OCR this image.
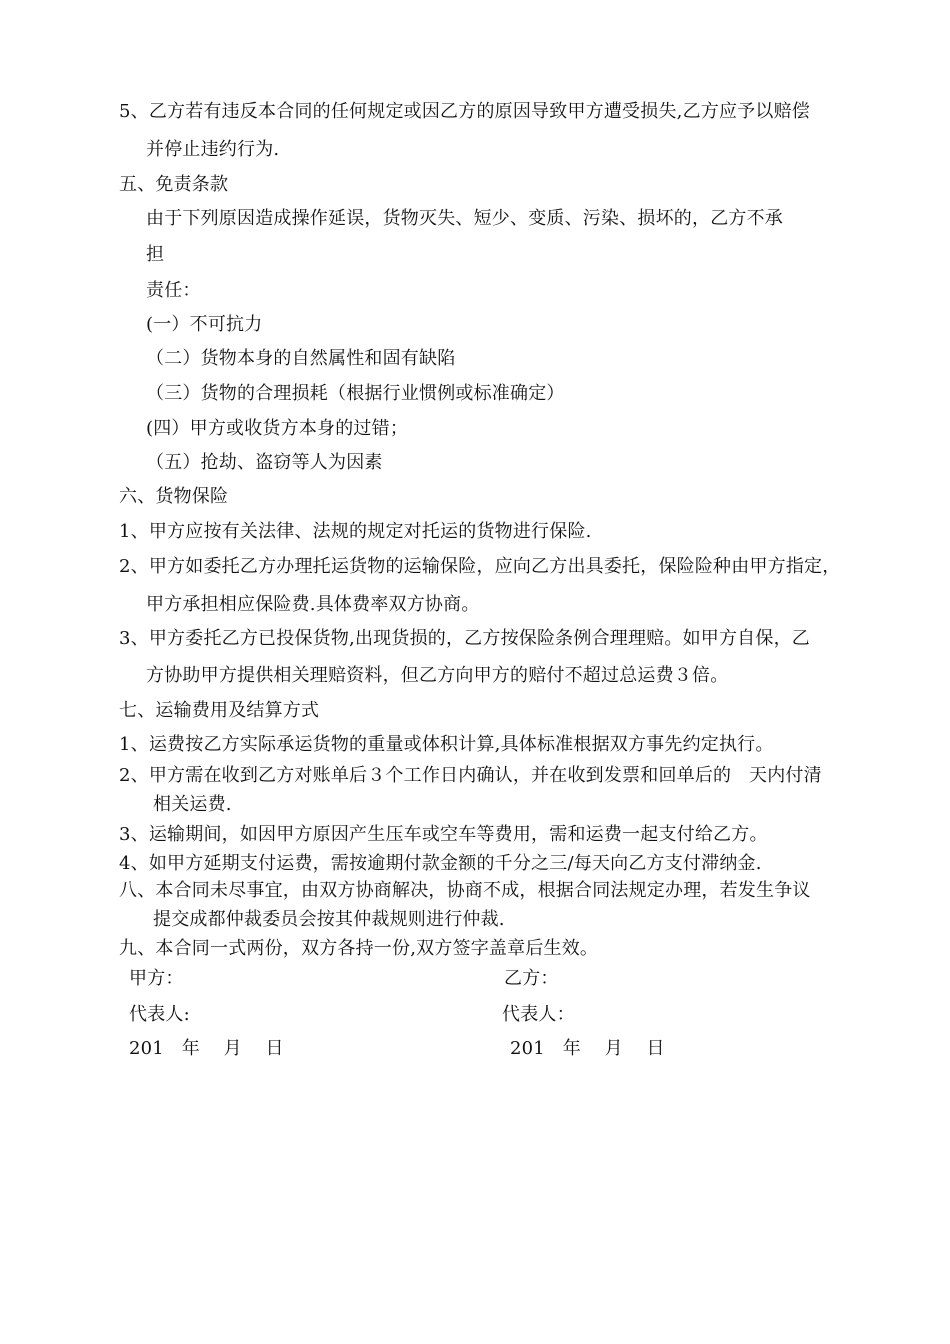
5、乙方若有违反本合同的任何规定或因乙方的原因导致甲方遭受损失,乙方应予以赔偿
并停止违约行为.
五、免责条款
由于下列原因造成操作延误，货物灭失、短少、变质、污染、损坏的，乙方不承
担
责任：
(一）不可抗力
（二）货物本身的自然属性和固有缺陷
（三）货物的合理损耗（根据行业惯例或标准确定）
(四）甲方或收货方本身的过错；
（五）抢劫、盗窃等人为因素
六、货物保险
1、甲方应按有关法律、法规的规定对托运的货物进行保险.
2、甲方如委托乙方办理托运货物的运输保险，应向乙方出具委托，保险险种由甲方指定，
甲方承担相应保险费.具体费率双方协商。
3、甲方委托乙方已投保货物,出现货损的，乙方按保险条例合理理赔。如甲方自保，乙
方协助甲方提供相关理赔资料，但乙方向甲方的赔付不超过总运费３倍。
七、运输费用及结算方式
1、运费按乙方实际承运货物的重量或体积计算,具体标准根据双方事先约定执行。
2、甲方需在收到乙方对账单后３个工作日内确认，并在收到发票和回单后的   天内付清
相关运费.
3、运输期间，如因甲方原因产生压车或空车等费用，需和运费一起支付给乙方。
4、如甲方延期支付运费，需按逾期付款金额的千分之三/每天向乙方支付滞纳金.
八、本合同未尽事宜，由双方协商解决，协商不成，根据合同法规定办理，若发生争议
提交成都仲裁委员会按其仲裁规则进行仲裁.
九、本合同一式两份，双方各持一份,双方签字盖章后生效。
甲方：	乙方：
代表人:	代表人：
201   年    月    日	201   年    月    日
